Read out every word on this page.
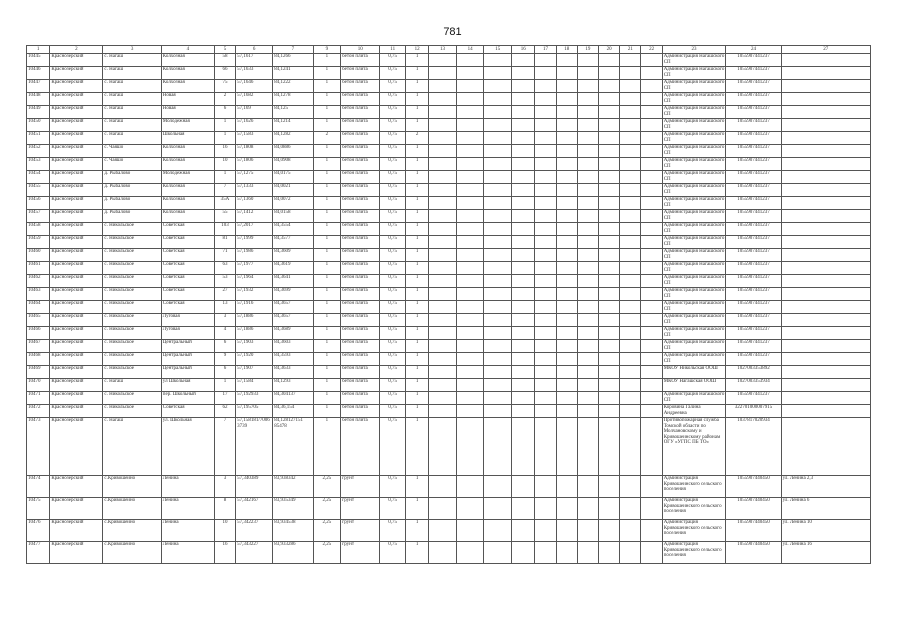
781
1	2	3	4	5	6	7	9	10	11	12	13	14	15	16	17	18	19	20	21	22	23	24	27
10445	Краснозерский	с. Нагаш	Колхозная	58	57,1617	84,1266	1	бетон плита	0,75	1											Администрация Нагашского СП	1055907441237	
10446	Краснозерский	с. Нагаш	Колхозная	66	57,1633	84,1241	1	бетон плита	0,75	1											Администрация Нагашского СП	1055907441237	
10447	Краснозерский	с. Нагаш	Колхозная	75	57,1646	84,1222	1	бетон плита	0,75	1											Администрация Нагашского СП	1055907441237	
10448	Краснозерский	с. Нагаш	Новая	2	57,1682	84,1278	1	бетон плита	0,75	1											Администрация Нагашского СП	1055907441237	
10449	Краснозерский	с. Нагаш	Новая	6	57,169	84,125	1	бетон плита	0,75	1											Администрация Нагашского СП	1055907441237	
10450	Краснозерский	с. Нагаш	Молодежная	1	57,1626	84,1214	1	бетон плита	0,75	1											Администрация Нагашского СП	1055907441237	
10451	Краснозерский	с. Нагаш	Школьная	1	57,1583	84,1282	2	бетон плита	0,75	2											Администрация Нагашского СП	1055907441237	
10452	Краснозерский	с. Чаяшо	Колхозная	16	57,1808	84,0886	1	бетон плита	0,75	1											Администрация Нагашского СП	1055907441237	
10453	Краснозерский	с. Чаяшо	Колхозная	10	57,1806	84,0908	1	бетон плита	0,75	1											Администрация Нагашского СП	1055907441237	
10454	Краснозерский	д. Рыбалово	Молодежная	1	57,1275	84,0175	1	бетон плита	0,75	1											Администрация Нагашского СП	1055907441237	
10455	Краснозерский	д. Рыбалово	Колхозная	7	57,1333	84,0021	1	бетон плита	0,75	1											Администрация Нагашского СП	1055907441237	
10456	Краснозерский	д. Рыбалово	Колхозная	35А	57,1360	84,0072	1	бетон плита	0,75	1											Администрация Нагашского СП	1055907441237	
10457	Краснозерский	д. Рыбалово	Колхозная	55	57,1412	84,0158	1	бетон плита	0,75	1											Администрация Нагашского СП	1055907441237	
10458	Краснозерский	с. Никольское	Советская	103	57,2017	84,3554	1	бетон плита	0,75	1											Администрация Нагашского СП	1055907441237	
10459	Краснозерский	с. Никольское	Советская	81	57,1999	84,3577	1	бетон плита	0,75	1											Администрация Нагашского СП	1055907441237	
10460	Краснозерский	с. Никольское	Советская	71	57,1986	84,3609	1	бетон плита	0,75	1											Администрация Нагашского СП	1055907441237	
10461	Краснозерский	с. Никольское	Советская	63	57,1977	84,3619	1	бетон плита	0,75	1											Администрация Нагашского СП	1055907441237	
10462	Краснозерский	с. Никольское	Советская	53	57,1964	84,3641	1	бетон плита	0,75	1											Администрация Нагашского СП	1055907441237	
10463	Краснозерский	с. Никольское	Советская	27	57,1932	84,3699	1	бетон плита	0,75	1											Администрация Нагашского СП	1055907441237	
10464	Краснозерский	с. Никольское	Советская	13	57,1916	84,3657	1	бетон плита	0,75	1											Администрация Нагашского СП	1055907441237	
10465	Краснозерский	с. Никольское	Луговая	3	57,1886	84,3657	1	бетон плита	0,75	1											Администрация Нагашского СП	1055907441237	
10466	Краснозерский	с. Никольское	Луговая	4	57,1886	84,3689	1	бетон плита	0,75	1											Администрация Нагашского СП	1055907441237	
10467	Краснозерский	с. Никольское	Центральный	6	57,1903	84,3603	1	бетон плита	0,75	1											Администрация Нагашского СП	1055907441237	
10468	Краснозерский	с. Никольское	Центральный	9	57,1920	84,3593	1	бетон плита	0,75	1											Администрация Нагашского СП	1055907441237	
10469	Краснозерский	с. Никольское	Центральный	6	57,1907	84,3633	1	бетон плита	0,75	1											МКОУ Никольская ООШ	1027003353892	
10470	Краснозерский	с. Нагаш	ул Школьная	1	57,1584	84,1293	1	бетон плита	0,75	1											МКОУ Нагашская ООШ	1027003353934	
10471	Краснозерский	с. Никольское	пер. Школьный	17	57,192933	84,304137	1	бетон плита	0,75	1											Администрация Нагашского СП	1055907441237	
10472	Краснозерский	с. Никольское	Советская	62	57,195705	84,36,154	1	бетон плита	0,75	1											Коровина Галина Андреевна	322701000007915	
10473	Краснозерский	с. Нагаш	ул. Школьная	7	57,158181/7006 3739	84,128127151 85478	1	бетон плита	0,75	1											Противопожарная служба Томской области по Молчановскому и Кривошеинскому районам ОГУ «УГПС ПБ ТО»	1037817020934	
10474	Краснозерский	с.Кривошеино	Ленина	3	57,340389	83,938342	2,25	грунт	0,75	1											Администрация Кривошеинского сельского поселения	1055907440450	ул. Ленина 2,3
10475	Краснозерский	с.Кривошеино	Ленина	8	57,342167	83,935349	2,25	грунт	0,75	1											Администрация Кривошеинского сельского поселения	1055907440450	ул. Ленина 6
10476	Краснозерский	с.Кривошеино	Ленина	10	57,342237	83,934538	2,25	грунт	0,75	1											Администрация Кривошеинского сельского поселения	1055907440450	ул. Ленина 10
10477	Краснозерский	с.Кривошеино	Ленина	16	57,343227	83,933286	2,25	грунт	0,75	1											Администрация Кривошеинского сельского поселения	1055907440450	ул. Ленина 16
